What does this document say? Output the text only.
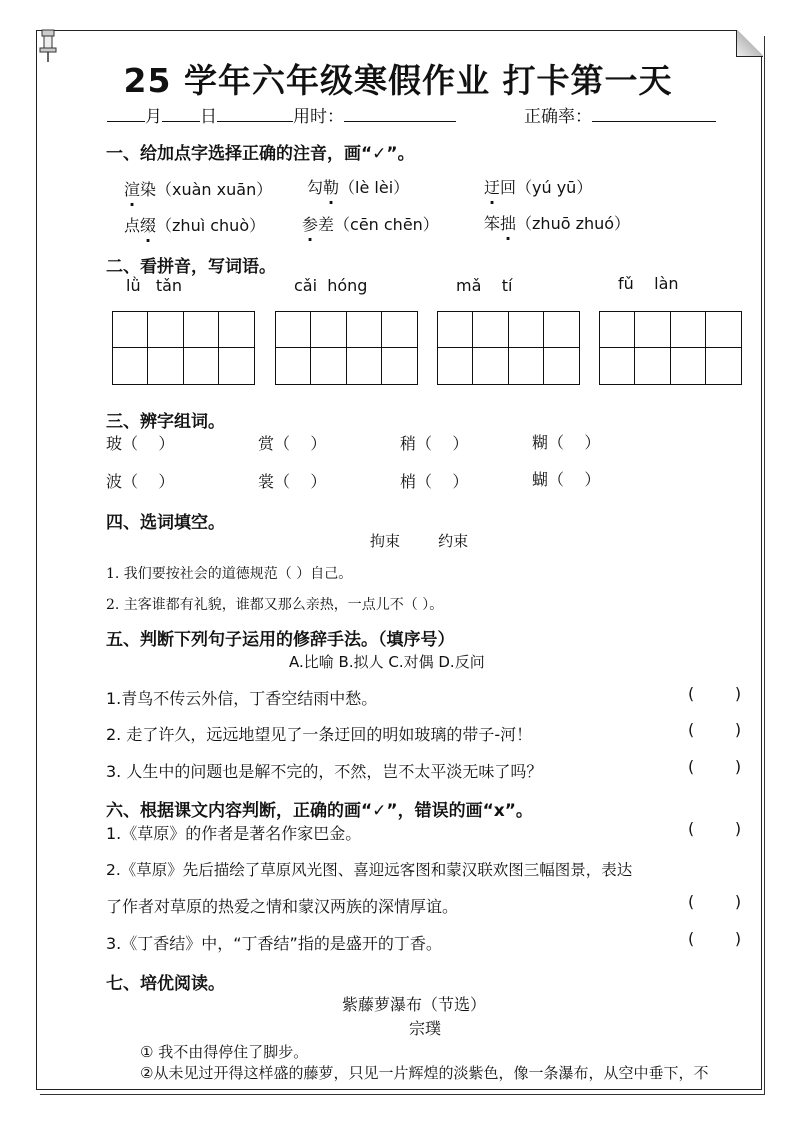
25 学年六年级寒假作业 打卡第一天
月 日	用时：	正确率：
一、给加点字选择正确的注音，画“✓”。
渲染（xuàn xuān） 勾勒（lè lèi）	迂回（yú yū）
点缀（zhuì chuò） 参差（cēn chēn）	笨拙（zhuō zhuó）
二、看拼音，写词语。
lǜ   tǎn	cǎi  hóng	mǎ    tí	fǔ    làn
三、辨字组词。
玻（    ）	赏（    ）	稍（    ）	糊（    ）
波（    ）	裳（    ）	梢（    ）	蝴（    ）
四、选词填空。
拘束        约束
1. 我们要按社会的道德规范（ ）自己。
2. 主客谁都有礼貌，谁都又那么亲热，一点儿不（ ）。
五、判断下列句子运用的修辞手法。（填序号）
A.比喻 B.拟人 C.对偶 D.反问
1.青鸟不传云外信，丁香空结雨中愁。	(        )
2. 走了许久，远远地望见了一条迂回的明如玻璃的带子-河！	(        )
3. 人生中的问题也是解不完的，不然，岂不太平淡无味了吗？	(        )
六、根据课文内容判断，正确的画“✓”，错误的画“x”。
1.《草原》的作者是著名作家巴金。	(        )
2.《草原》先后描绘了草原风光图、喜迎远客图和蒙汉联欢图三幅图景，表达
了作者对草原的热爱之情和蒙汉两族的深情厚谊。	(        )
3.《丁香结》中，“丁香结”指的是盛开的丁香。	(        )
七、培优阅读。
紫藤萝瀑布（节选）
宗璞
① 我不由得停住了脚步。
②从未见过开得这样盛的藤萝，只见一片辉煌的淡紫色，像一条瀑布，从空中垂下，不
